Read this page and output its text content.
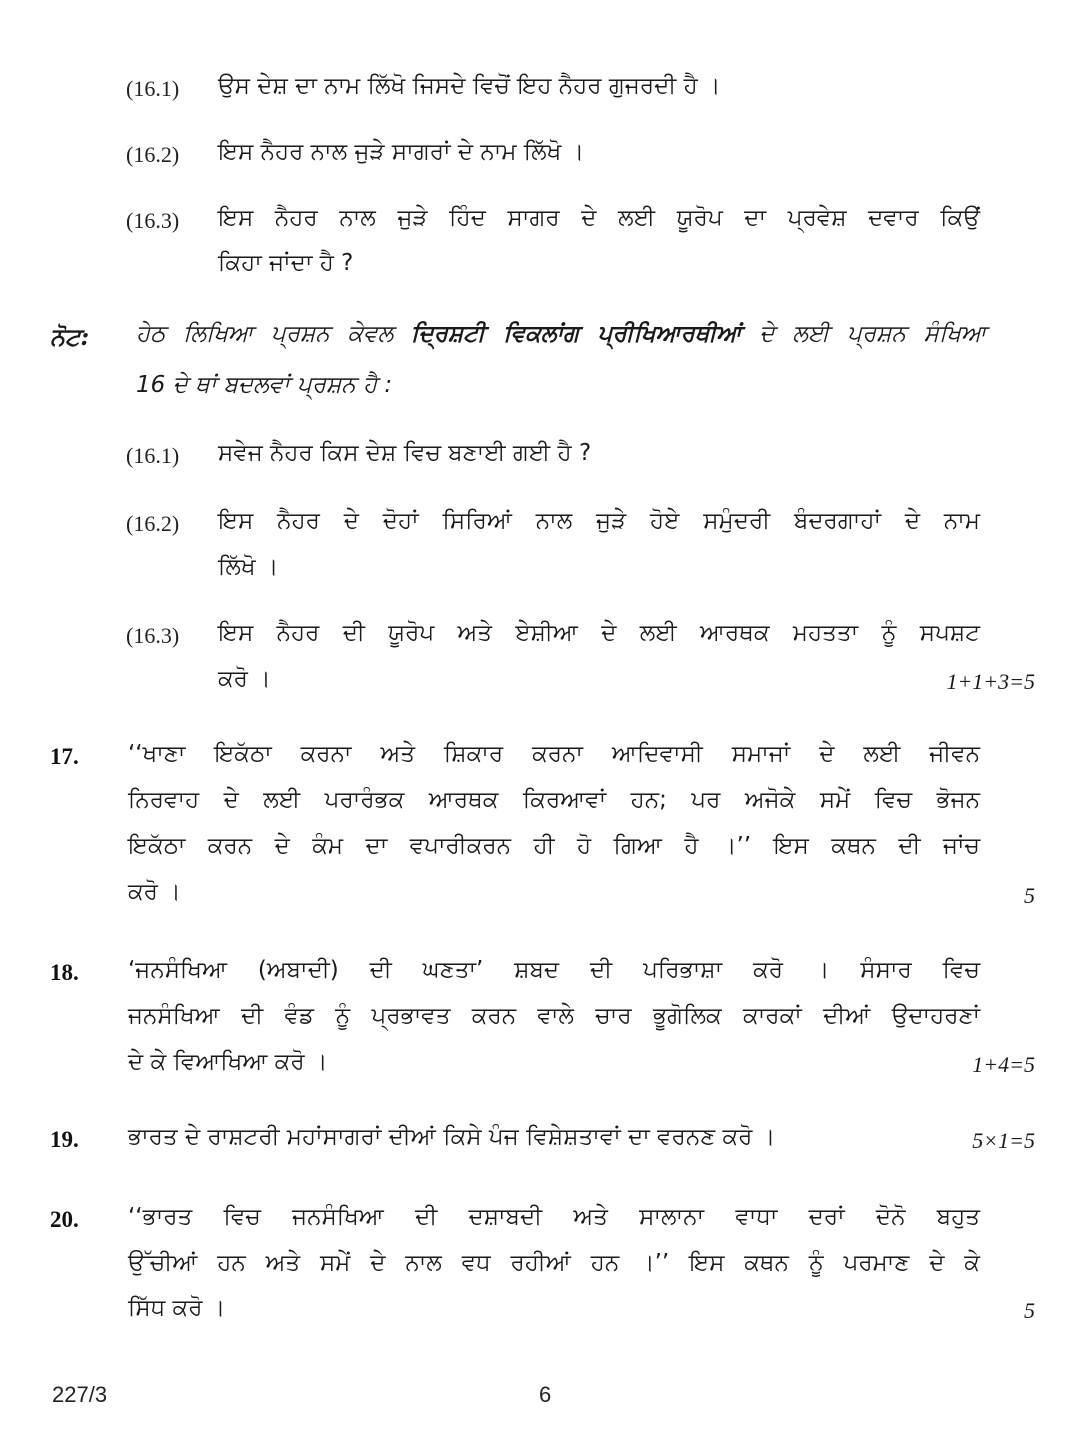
(16.1) ਉਸ ਦੇਸ਼ ਦਾ ਨਾਮ ਲਿੱਖੋ ਜਿਸਦੇ ਵਿਚੋਂ ਇਹ ਨੈਹਰ ਗੁਜਰਦੀ ਹੈ ।
(16.2) ਇਸ ਨੈਹਰ ਨਾਲ ਜੁੜੇ ਸਾਗਰਾਂ ਦੇ ਨਾਮ ਲਿੱਖੋ ।
(16.3) ਇਸ ਨੈਹਰ ਨਾਲ ਜੁੜੇ ਹਿੰਦ ਸਾਗਰ ਦੇ ਲਈ ਯੂਰੋਪ ਦਾ ਪ੍ਰਵੇਸ਼ ਦਵਾਰ ਕਿਉਂ
ਕਿਹਾ ਜਾਂਦਾ ਹੈ ?
ਨੋਟ: ਹੇਠ ਲਿਖਿਆ ਪ੍ਰਸ਼ਨ ਕੇਵਲ ਦ੍ਰਿਸ਼ਟੀ ਵਿਕਲਾਂਗ ਪ੍ਰੀਖਿਆਰਥੀਆਂ ਦੇ ਲਈ ਪ੍ਰਸ਼ਨ ਸੰਖਿਆ
16 ਦੇ ਥਾਂ ਬਦਲਵਾਂ ਪ੍ਰਸ਼ਨ ਹੈ :
(16.1) ਸਵੇਜ ਨੈਹਰ ਕਿਸ ਦੇਸ਼ ਵਿਚ ਬਣਾਈ ਗਈ ਹੈ ?
(16.2) ਇਸ ਨੈਹਰ ਦੇ ਦੋਹਾਂ ਸਿਰਿਆਂ ਨਾਲ ਜੁੜੇ ਹੋਏ ਸਮੁੰਦਰੀ ਬੰਦਰਗਾਹਾਂ ਦੇ ਨਾਮ
ਲਿੱਖੋ ।
(16.3) ਇਸ ਨੈਹਰ ਦੀ ਯੂਰੋਪ ਅਤੇ ਏਸ਼ੀਆ ਦੇ ਲਈ ਆਰਥਕ ਮਹਤਤਾ ਨੂੰ ਸਪਸ਼ਟ
ਕਰੋ ।	1+1+3=5
17. ‘‘ਖਾਣਾ ਇਕੱਠਾ ਕਰਨਾ ਅਤੇ ਸ਼ਿਕਾਰ ਕਰਨਾ ਆਦਿਵਾਸੀ ਸਮਾਜਾਂ ਦੇ ਲਈ ਜੀਵਨ
ਨਿਰਵਾਹ ਦੇ ਲਈ ਪਰਾਰੰਭਕ ਆਰਥਕ ਕਿਰਆਵਾਂ ਹਨ; ਪਰ ਅਜੋਕੇ ਸਮੇਂ ਵਿਚ ਭੋਜਨ
ਇਕੱਠਾ ਕਰਨ ਦੇ ਕੰਮ ਦਾ ਵਪਾਰੀਕਰਨ ਹੀ ਹੋ ਗਿਆ ਹੈ ।’’ ਇਸ ਕਥਨ ਦੀ ਜਾਂਚ
ਕਰੋ ।	5
18. ‘ਜਨਸੰਖਿਆ (ਅਬਾਦੀ) ਦੀ ਘਣਤਾ’ ਸ਼ਬਦ ਦੀ ਪਰਿਭਾਸ਼ਾ ਕਰੋ । ਸੰਸਾਰ ਵਿਚ
ਜਨਸੰਖਿਆ ਦੀ ਵੰਡ ਨੂੰ ਪ੍ਰਭਾਵਤ ਕਰਨ ਵਾਲੇ ਚਾਰ ਭੂਗੋਲਿਕ ਕਾਰਕਾਂ ਦੀਆਂ ਉਦਾਹਰਣਾਂ
ਦੇ ਕੇ ਵਿਆਖਿਆ ਕਰੋ ।	1+4=5
19. ਭਾਰਤ ਦੇ ਰਾਸ਼ਟਰੀ ਮਹਾਂਸਾਗਰਾਂ ਦੀਆਂ ਕਿਸੇ ਪੰਜ ਵਿਸ਼ੇਸ਼ਤਾਵਾਂ ਦਾ ਵਰਨਣ ਕਰੋ ।	5×1=5
20. ‘‘ਭਾਰਤ ਵਿਚ ਜਨਸੰਖਿਆ ਦੀ ਦਸ਼ਾਬਦੀ ਅਤੇ ਸਾਲਾਨਾ ਵਾਧਾ ਦਰਾਂ ਦੋਨੋ ਬਹੁਤ
ਉੱਚੀਆਂ ਹਨ ਅਤੇ ਸਮੇਂ ਦੇ ਨਾਲ ਵਧ ਰਹੀਆਂ ਹਨ ।’’ ਇਸ ਕਥਨ ਨੂੰ ਪਰਮਾਣ ਦੇ ਕੇ
ਸਿੱਧ ਕਰੋ ।	5
227/3	6
